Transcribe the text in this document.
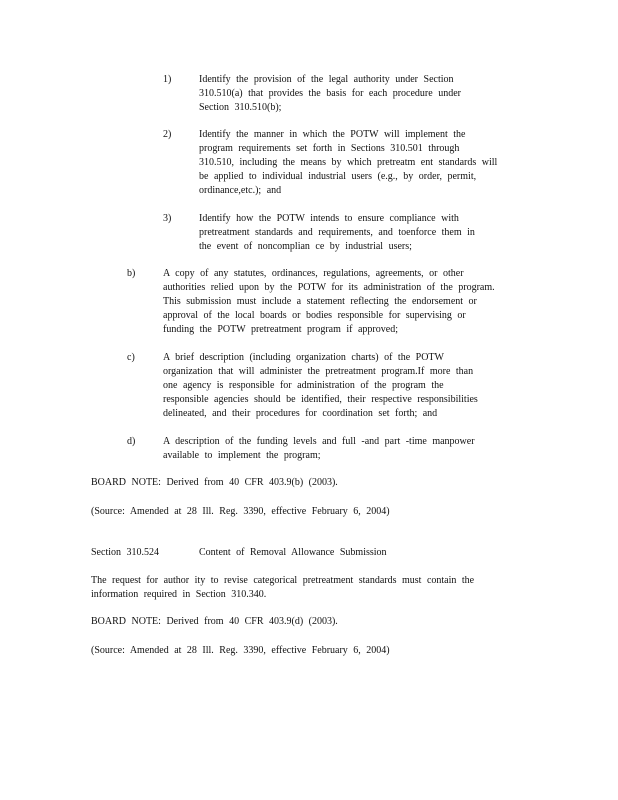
1)	Identify the provision of the legal authority under Section
310.510(a) that provides the basis for each procedure under
Section 310.510(b);
2)	Identify the manner in which the POTW will implement the
program requirements set forth in Sections 310.501 through
310.510, including the means by which pretreatm ent standards will
be applied to individual industrial users (e.g., by order, permit,
ordinance,etc.); and
3)	Identify how the POTW intends to ensure compliance with
pretreatment standards and requirements, and toenforce them in
the event of noncomplian ce by industrial users;
b)	A copy of any statutes, ordinances, regulations, agreements, or other
authorities relied upon by the POTW for its administration of the program.
This submission must include a statement reflecting the endorsement or
approval of the local boards or bodies responsible for supervising or
funding the POTW pretreatment program if approved;
c)	A brief description (including organization charts) of the POTW
organization that will administer the pretreatment program.If more than
one agency is responsible for administration of the program the
responsible agencies should be identified, their respective responsibilities
delineated, and their procedures for coordination set forth; and
d)	A description of the funding levels and full -and part -time manpower
available to implement the program;
BOARD NOTE: Derived from 40 CFR 403.9(b) (2003).
(Source: Amended at 28 Ill. Reg. 3390, effective February 6, 2004)
Section 310.524	Content of Removal Allowance Submission
The request for author ity to revise categorical pretreatment standards must contain the
information required in Section 310.340.
BOARD NOTE: Derived from 40 CFR 403.9(d) (2003).
(Source: Amended at 28 Ill. Reg. 3390, effective February 6, 2004)
